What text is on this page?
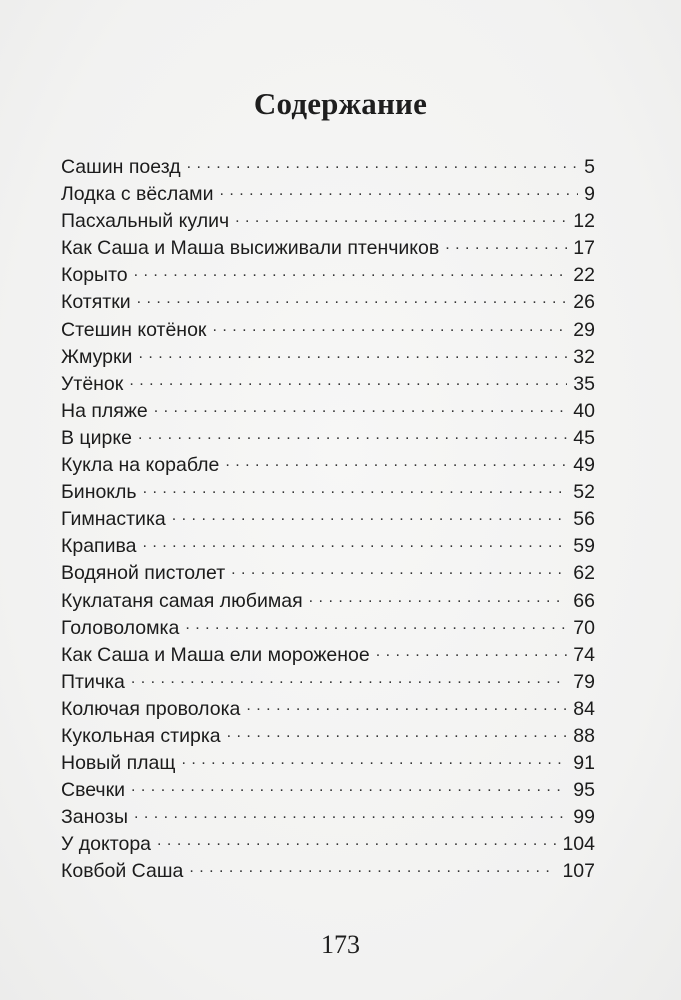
Содержание
Сашин поезд . . .	5
Лодка с вёслами . . .	9
Пасхальный кулич . . .	12
Как Саша и Маша высиживали птенчиков . . .	17
Корыто . . .	22
Котятки . . .	26
Стешин котёнок . . .	29
Жмурки . . .	32
Утёнок . . .	35
На пляже . . .	40
В цирке . . .	45
Кукла на корабле . . .	49
Бинокль . . .	52
Гимнастика . . .	56
Крапива . . .	59
Водяной пистолет . . .	62
Куклатаня самая любимая . . .	66
Головоломка . . .	70
Как Саша и Маша ели мороженое . . .	74
Птичка . . .	79
Колючая проволока . . .	84
Кукольная стирка . . .	88
Новый плащ . . .	91
Свечки . . .	95
Занозы . . .	99
У доктора . . .	104
Ковбой Саша . . .	107
173
